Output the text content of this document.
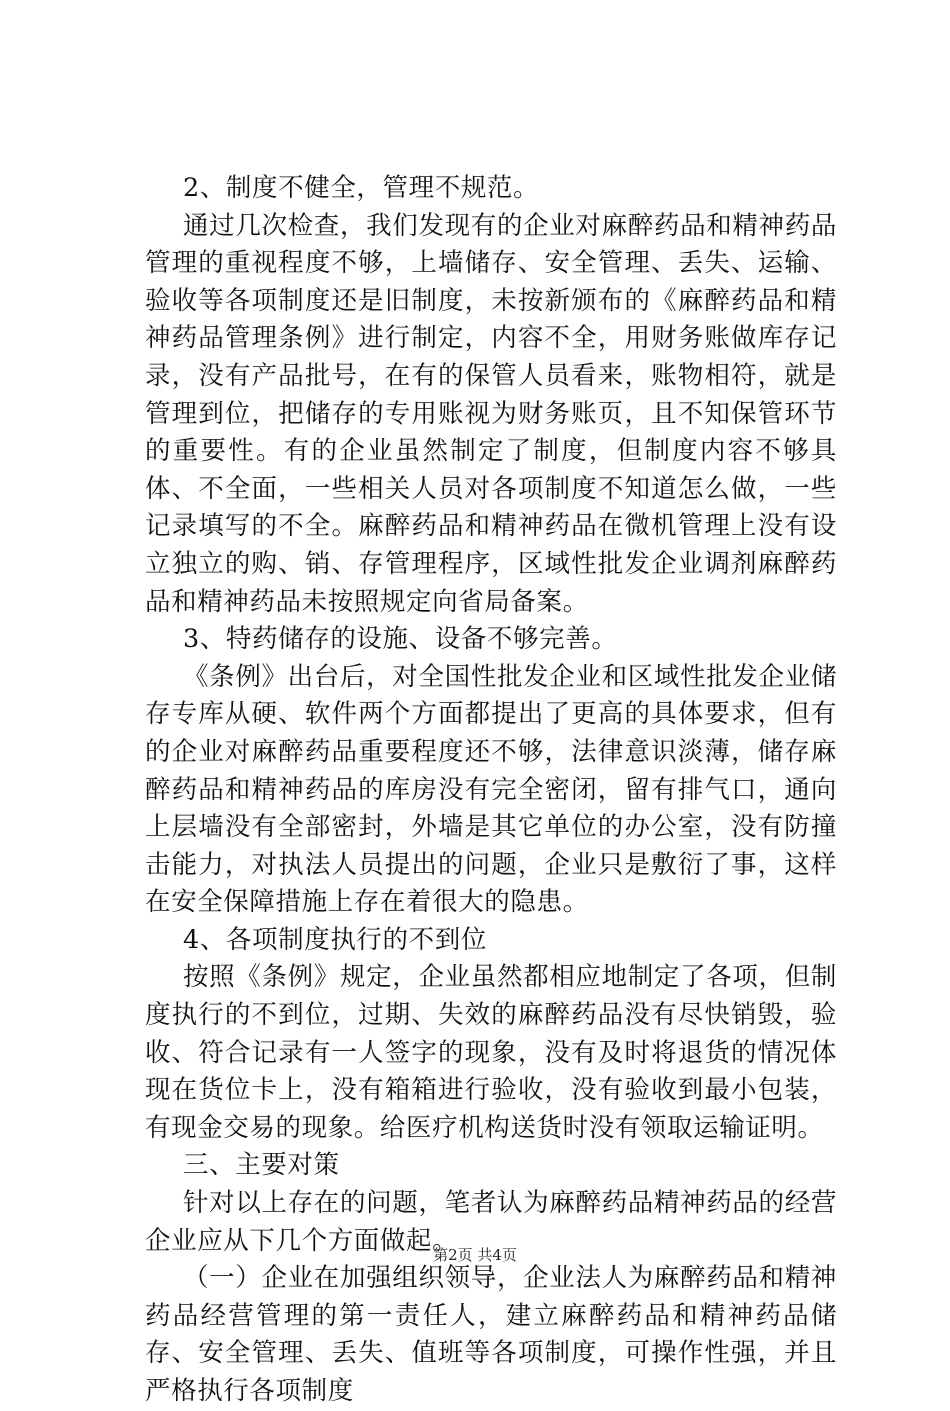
2、制度不健全，管理不规范。

通过几次检查，我们发现有的企业对麻醉药品和精神药品管理的重视程度不够，上墙储存、安全管理、丢失、运输、验收等各项制度还是旧制度，未按新颁布的《麻醉药品和精神药品管理条例》进行制定，内容不全，用财务账做库存记录，没有产品批号，在有的保管人员看来，账物相符，就是管理到位，把储存的专用账视为财务账页，且不知保管环节的重要性。有的企业虽然制定了制度，但制度内容不够具体、不全面，一些相关人员对各项制度不知道怎么做，一些记录填写的不全。麻醉药品和精神药品在微机管理上没有设立独立的购、销、存管理程序，区域性批发企业调剂麻醉药品和精神药品未按照规定向省局备案。

3、特药储存的设施、设备不够完善。

《条例》出台后，对全国性批发企业和区域性批发企业储存专库从硬、软件两个方面都提出了更高的具体要求，但有的企业对麻醉药品重要程度还不够，法律意识淡薄，储存麻醉药品和精神药品的库房没有完全密闭，留有排气口，通向上层墙没有全部密封，外墙是其它单位的办公室，没有防撞击能力，对执法人员提出的问题，企业只是敷衍了事，这样在安全保障措施上存在着很大的隐患。

4、各项制度执行的不到位

按照《条例》规定，企业虽然都相应地制定了各项，但制度执行的不到位，过期、失效的麻醉药品没有尽快销毁，验收、符合记录有一人签字的现象，没有及时将退货的情况体现在货位卡上，没有箱箱进行验收，没有验收到最小包装，有现金交易的现象。给医疗机构送货时没有领取运输证明。

三、主要对策

针对以上存在的问题，笔者认为麻醉药品精神药品的经营企业应从下几个方面做起。

（一）企业在加强组织领导，企业法人为麻醉药品和精神药品经营管理的第一责任人，建立麻醉药品和精神药品储存、安全管理、丢失、值班等各项制度，可操作性强，并且严格执行各项制度

第2页 共4页
